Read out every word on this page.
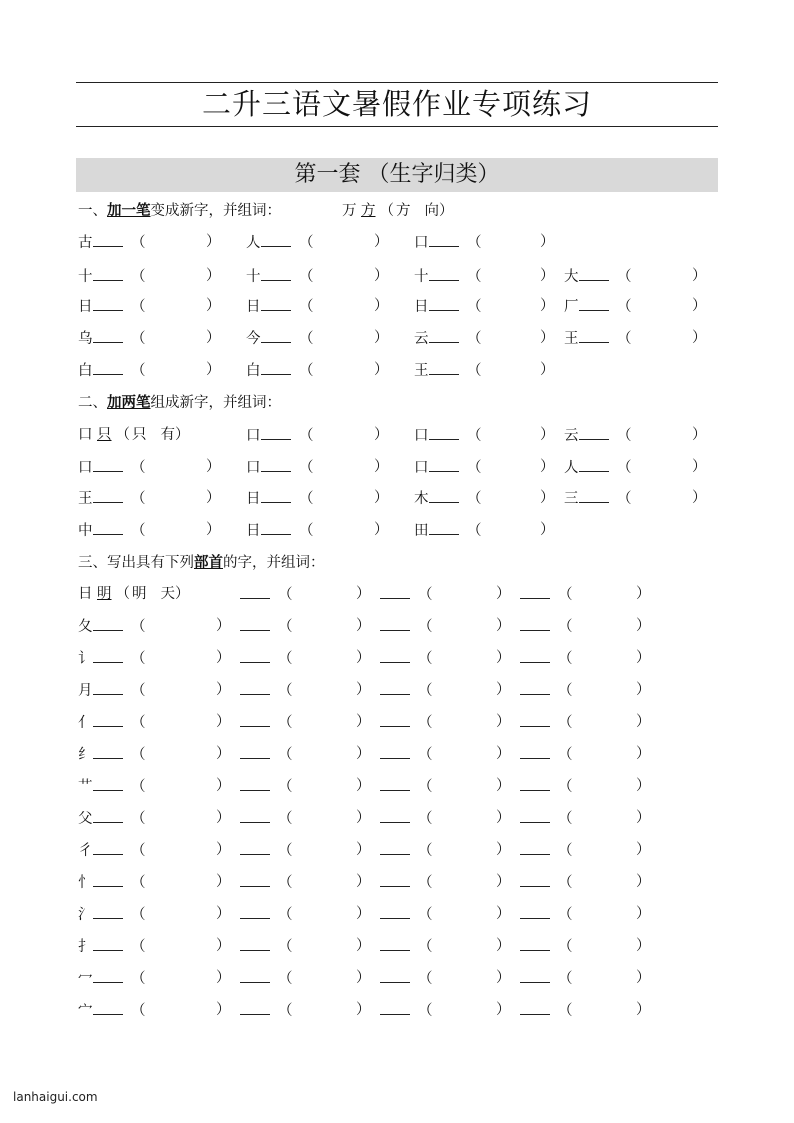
二升三语文暑假作业专项练习
第一套 （生字归类）
一、加一笔变成新字，并组词：	万 方 （ 方 向）
古	（	） 人	（	） 口	（	）
十	（	） 十	（	） 十	（	） 大	（	）
日	（	） 日	（	） 日	（	） 厂	（	）
乌	（	） 今	（	） 云	（	） 王	（	）
白	（	） 白	（	） 王	（	）
二、加两笔组成新字，并组词：
口 只 （ 只 有）	口	（	） 口	（	） 云	（	）
口	（	） 口	（	） 口	（	） 人	（	）
王	（	） 日	（	） 木	（	） 三	（	）
中	（	） 日	（	） 田	（	）
三、写出具有下列部首的字，并组词：
日 明 （ 明 天）	（	）	（	）	（	）
夂	（	）	（	）	（	）	（	）
讠	（	）	（	）	（	）	（	）
月	（	）	（	）	（	）	（	）
亻	（	）	（	）	（	）	（	）
纟	（	）	（	）	（	）	（	）
艹	（	）	（	）	（	）	（	）
父	（	）	（	）	（	）	（	）
彳	（	）	（	）	（	）	（	）
忄	（	）	（	）	（	）	（	）
氵	（	）	（	）	（	）	（	）
扌	（	）	（	）	（	）	（	）
冖	（	）	（	）	（	）	（	）
宀	（	）	（	）	（	）	（	）
lanhaigui.com
